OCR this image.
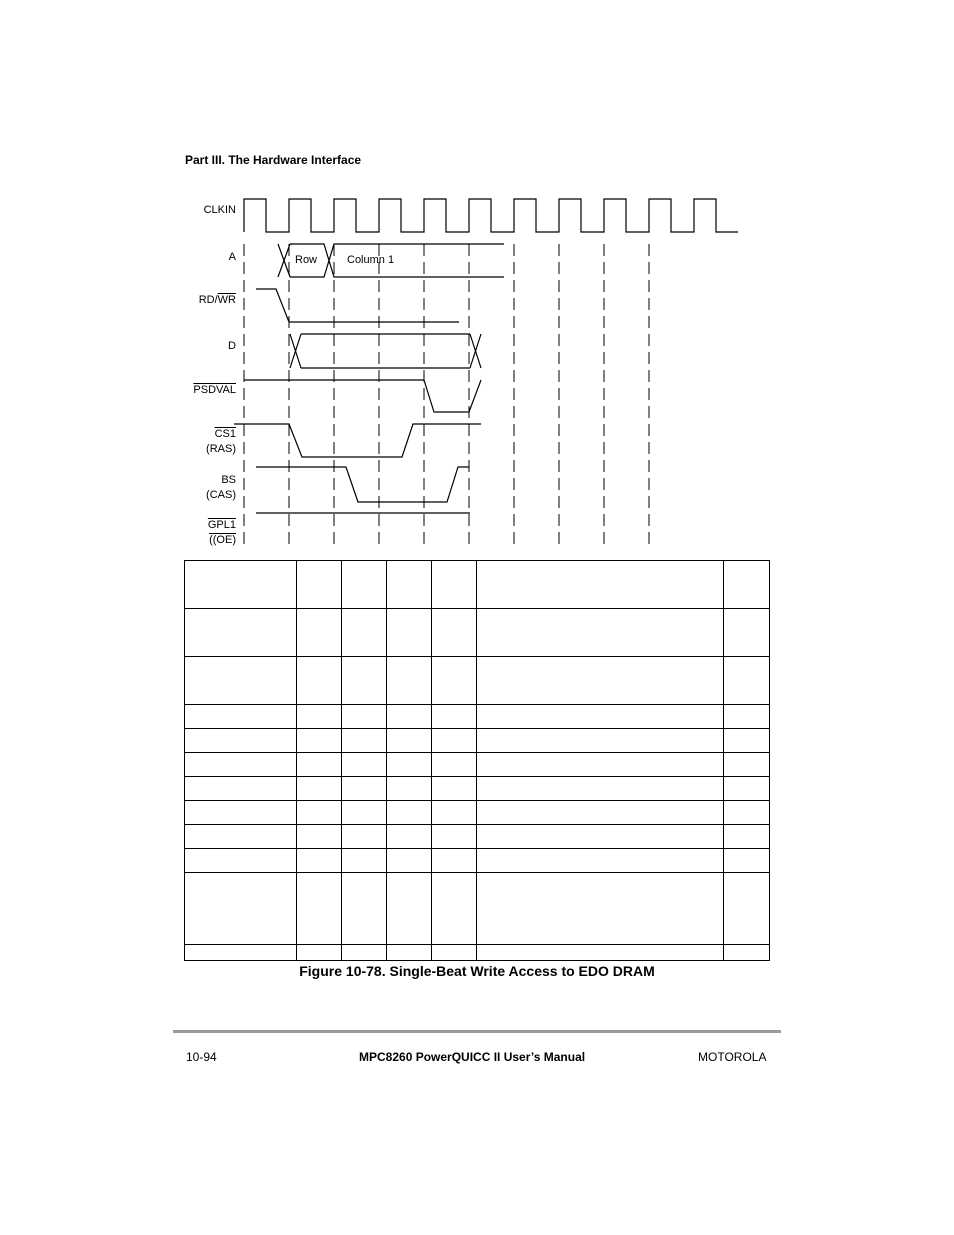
Part III. The Hardware Interface
CLKIN
A
$RD/\overline{WR}$
D
PSDVAL
CS1
(RAS)
BS
(CAS)
GPL1
((OE)
Row	Column 1

Figure 10-78. Single-Beat Write Access to EDO DRAM
10-94	MPC8260 PowerQUICC II User’s Manual	MOTOROLA
